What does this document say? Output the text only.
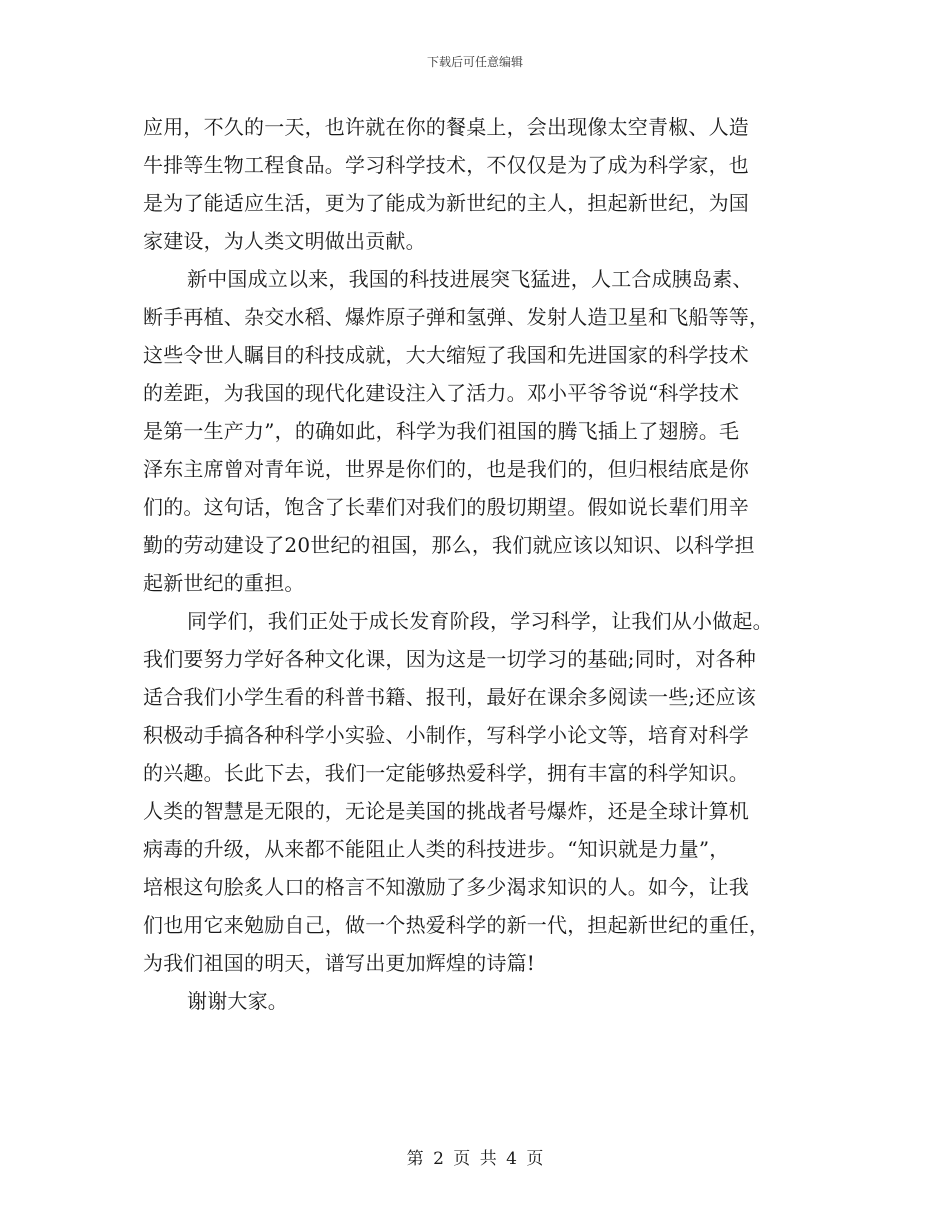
下载后可任意编辑
应用，不久的一天，也许就在你的餐桌上，会出现像太空青椒、人造
牛排等生物工程食品。学习科学技术，不仅仅是为了成为科学家，也
是为了能适应生活，更为了能成为新世纪的主人，担起新世纪，为国
家建设，为人类文明做出贡献。
新中国成立以来，我国的科技进展突飞猛进，人工合成胰岛素、
断手再植、杂交水稻、爆炸原子弹和氢弹、发射人造卫星和飞船等等，
这些令世人瞩目的科技成就，大大缩短了我国和先进国家的科学技术
的差距，为我国的现代化建设注入了活力。邓小平爷爷说“科学技术
是第一生产力”，的确如此，科学为我们祖国的腾飞插上了翅膀。毛
泽东主席曾对青年说，世界是你们的，也是我们的，但归根结底是你
们的。这句话，饱含了长辈们对我们的殷切期望。假如说长辈们用辛
勤的劳动建设了20世纪的祖国，那么，我们就应该以知识、以科学担
起新世纪的重担。
同学们，我们正处于成长发育阶段，学习科学，让我们从小做起。
我们要努力学好各种文化课，因为这是一切学习的基础;同时，对各种
适合我们小学生看的科普书籍、报刊，最好在课余多阅读一些;还应该
积极动手搞各种科学小实验、小制作，写科学小论文等，培育对科学
的兴趣。长此下去，我们一定能够热爱科学，拥有丰富的科学知识。
人类的智慧是无限的，无论是美国的挑战者号爆炸，还是全球计算机
病毒的升级，从来都不能阻止人类的科技进步。“知识就是力量”，
培根这句脍炙人口的格言不知激励了多少渴求知识的人。如今，让我
们也用它来勉励自己，做一个热爱科学的新一代，担起新世纪的重任，
为我们祖国的明天，谱写出更加辉煌的诗篇!
谢谢大家。
第 2 页 共 4 页
